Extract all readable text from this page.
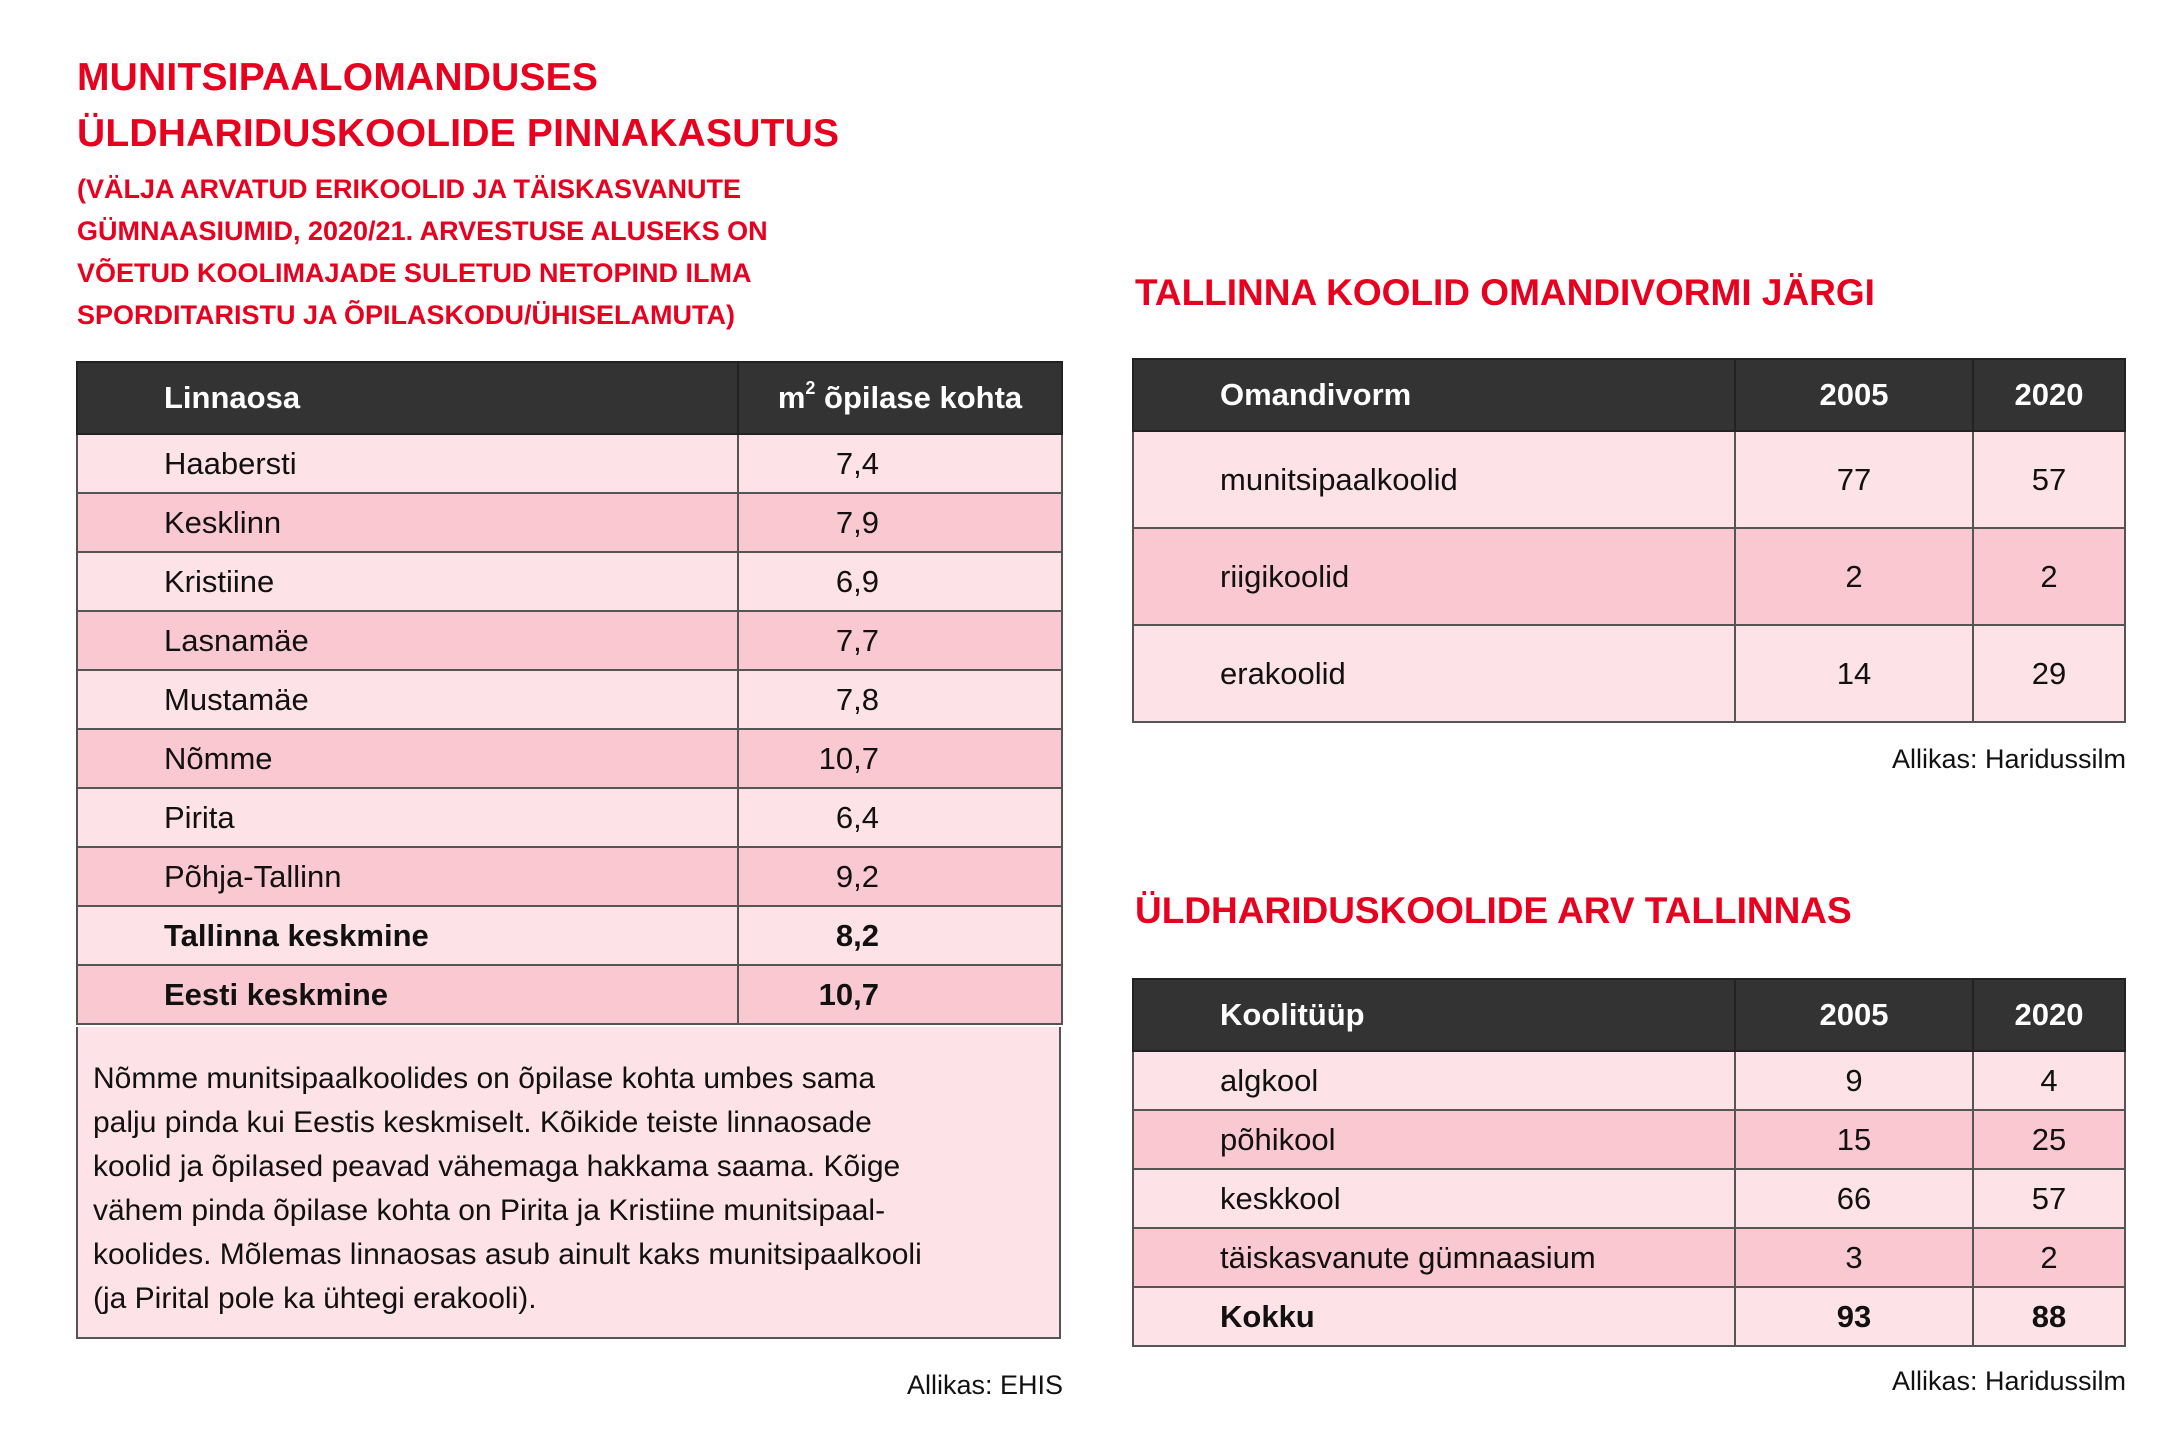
MUNITSIPAALOMANDUSES
ÜLDHARIDUSKOOLIDE PINNAKASUTUS
(VÄLJA ARVATUD ERIKOOLID JA TÄISKASVANUTE
GÜMNAASIUMID, 2020/21. ARVESTUSE ALUSEKS ON
VÕETUD KOOLIMAJADE SULETUD NETOPIND ILMA
SPORDITARISTU JA ÕPILASKODU/ÜHISELAMUTA)
Linnaosa	$m^2$ õpilase kohta
Haabersti	7,4
Kesklinn	7,9
Kristiine	6,9
Lasnamäe	7,7
Mustamäe	7,8
Nõmme	10,7
Pirita	6,4
Põhja-Tallinn	9,2
Tallinna keskmine	8,2
Eesti keskmine	10,7

Nõmme munitsipaalkoolides on õpilase kohta umbes sama
palju pinda kui Eestis keskmiselt. Kõikide teiste linnaosade
koolid ja õpilased peavad vähemaga hakkama saama. Kõige
vähem pinda õpilase kohta on Pirita ja Kristiine munitsipaal-
koolides. Mõlemas linnaosas asub ainult kaks munitsipaalkooli
(ja Pirital pole ka ühtegi erakooli).

Allikas: EHIS
TALLINNA KOOLID OMANDIVORMI JÄRGI
Omandivorm	2005	2020
munitsipaalkoolid	77	57
riigikoolid	2	2
erakoolid	14	29
Allikas: Haridussilm
ÜLDHARIDUSKOOLIDE ARV TALLINNAS
Koolitüüp	2005	2020
algkool	9	4
põhikool	15	25
keskkool	66	57
täiskasvanute gümnaasium	3	2
Kokku	93	88
Allikas: Haridussilm
